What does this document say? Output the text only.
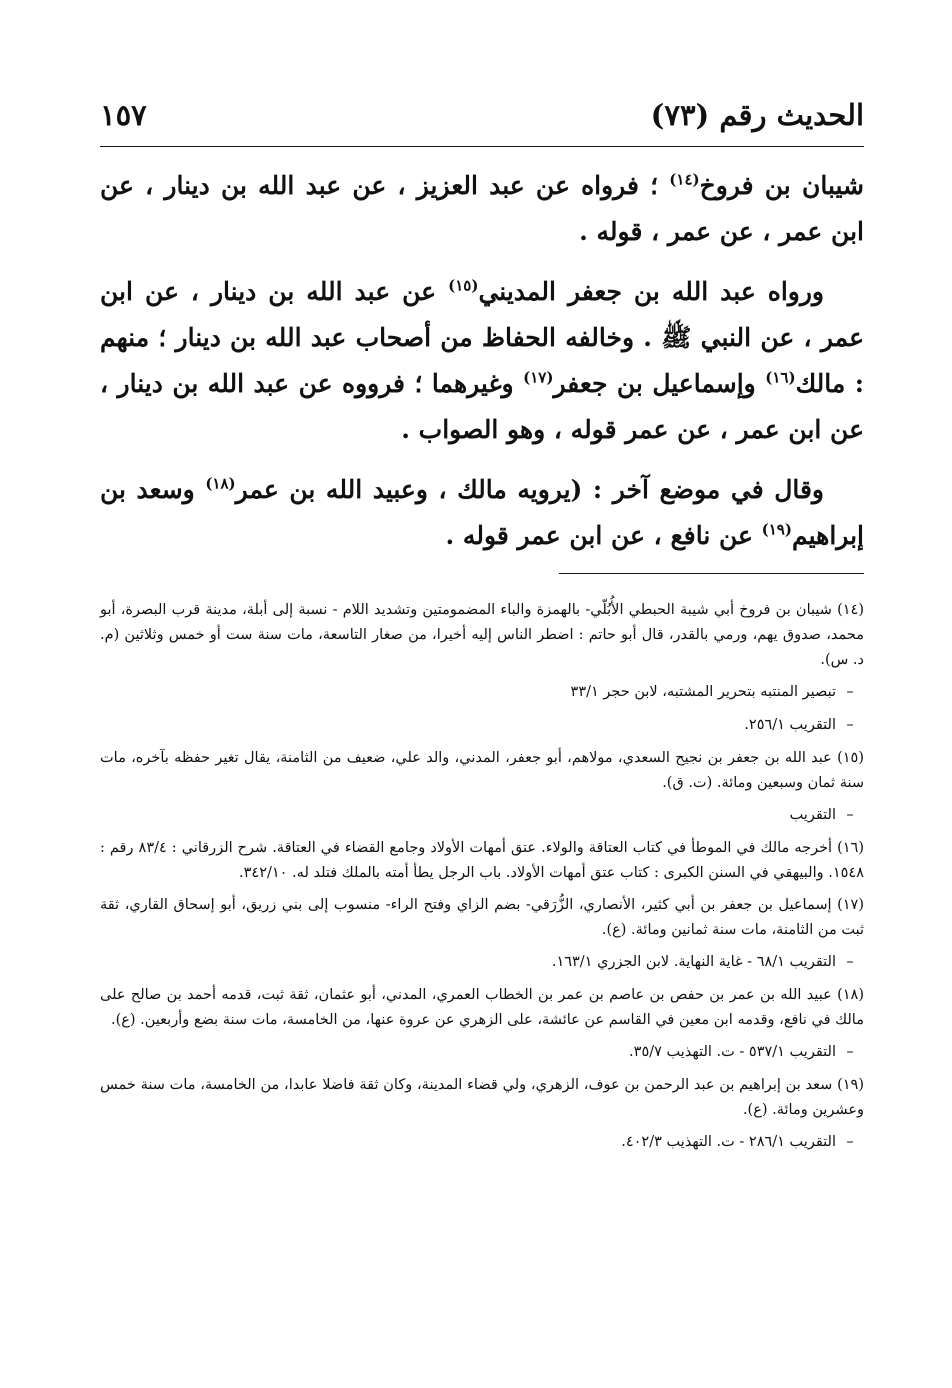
الحديث رقم (٧٣)
١٥٧

شيبان بن فروخ$^{(١٤)}$ ؛ فرواه عن عبد العزيز ، عن عبد الله بن دينار ، عن ابن عمر ، عن عمر ، قوله .

ورواه عبد الله بن جعفر المديني$^{(١٥)}$ عن عبد الله بن دينار ، عن ابن عمر ، عن النبي ﷺ . وخالفه الحفاظ من أصحاب عبد الله بن دينار ؛ منهم : مالك$^{(١٦)}$ وإسماعيل بن جعفر$^{(١٧)}$ وغيرهما ؛ فرووه عن عبد الله بن دينار ، عن ابن عمر ، عن عمر قوله ، وهو الصواب .

وقال في موضع آخر : (يرويه مالك ، وعبيد الله بن عمر$^{(١٨)}$ وسعد بن إبراهيم$^{(١٩)}$ عن نافع ، عن ابن عمر قوله .

(١٤) شيبان بن فروخ أبي شيبة الحبطي الأُبُلّي- بالهمزة والباء المضمومتين وتشديد اللام - نسبة إلى أبلة، مدينة قرب البصرة، أبو محمد، صدوق يهم، ورمي بالقدر، قال أبو حاتم : اضطر الناس إليه أخيرا، من صغار التاسعة، مات سنة ست أو خمس وثلاثين (م. د. س).
–تبصير المنتبه بتحرير المشتبه، لابن حجر ٣٣/١
–التقريب ٢٥٦/١.
(١٥) عبد الله بن جعفر بن نجيح السعدي، مولاهم، أبو جعفر، المدني، والد علي، ضعيف من الثامنة، يقال تغير حفظه بآخره، مات سنة ثمان وسبعين ومائة. (ت. ق).
–التقريب
(١٦) أخرجه مالك في الموطأ في كتاب العتاقة والولاء. عتق أمهات الأولاد وجامع القضاء في العتاقة. شرح الزرقاني : ٨٣/٤ رقم : ١٥٤٨. والبيهقي في السنن الكبرى : كتاب عتق أمهات الأولاد. باب الرجل يطأ أمته بالملك فتلد له. ٣٤٢/١٠.
(١٧) إسماعيل بن جعفر بن أبي كثير، الأنصاري، الزُّرَقي- بضم الزاي وفتح الراء- منسوب إلى بني زريق، أبو إسحاق القاري، ثقة ثبت من الثامنة، مات سنة ثمانين ومائة. (ع).
–التقريب ٦٨/١ - غاية النهاية. لابن الجزري ١٦٣/١.
(١٨) عبيد الله بن عمر بن حفص بن عاصم بن عمر بن الخطاب العمري، المدني، أبو عثمان، ثقة ثبت، قدمه أحمد بن صالح على مالك في نافع، وقدمه ابن معين في القاسم عن عائشة، على الزهري عن عروة عنها، من الخامسة، مات سنة بضع وأربعين. (ع).
–التقريب ٥٣٧/١ - ت. التهذيب ٣٥/٧.
(١٩) سعد بن إبراهيم بن عبد الرحمن بن عوف، الزهري، ولي قضاء المدينة، وكان ثقة فاضلا عابدا، من الخامسة، مات سنة خمس وعشرين ومائة. (ع).
–التقريب ٢٨٦/١ - ت. التهذيب ٤٠٢/٣.
